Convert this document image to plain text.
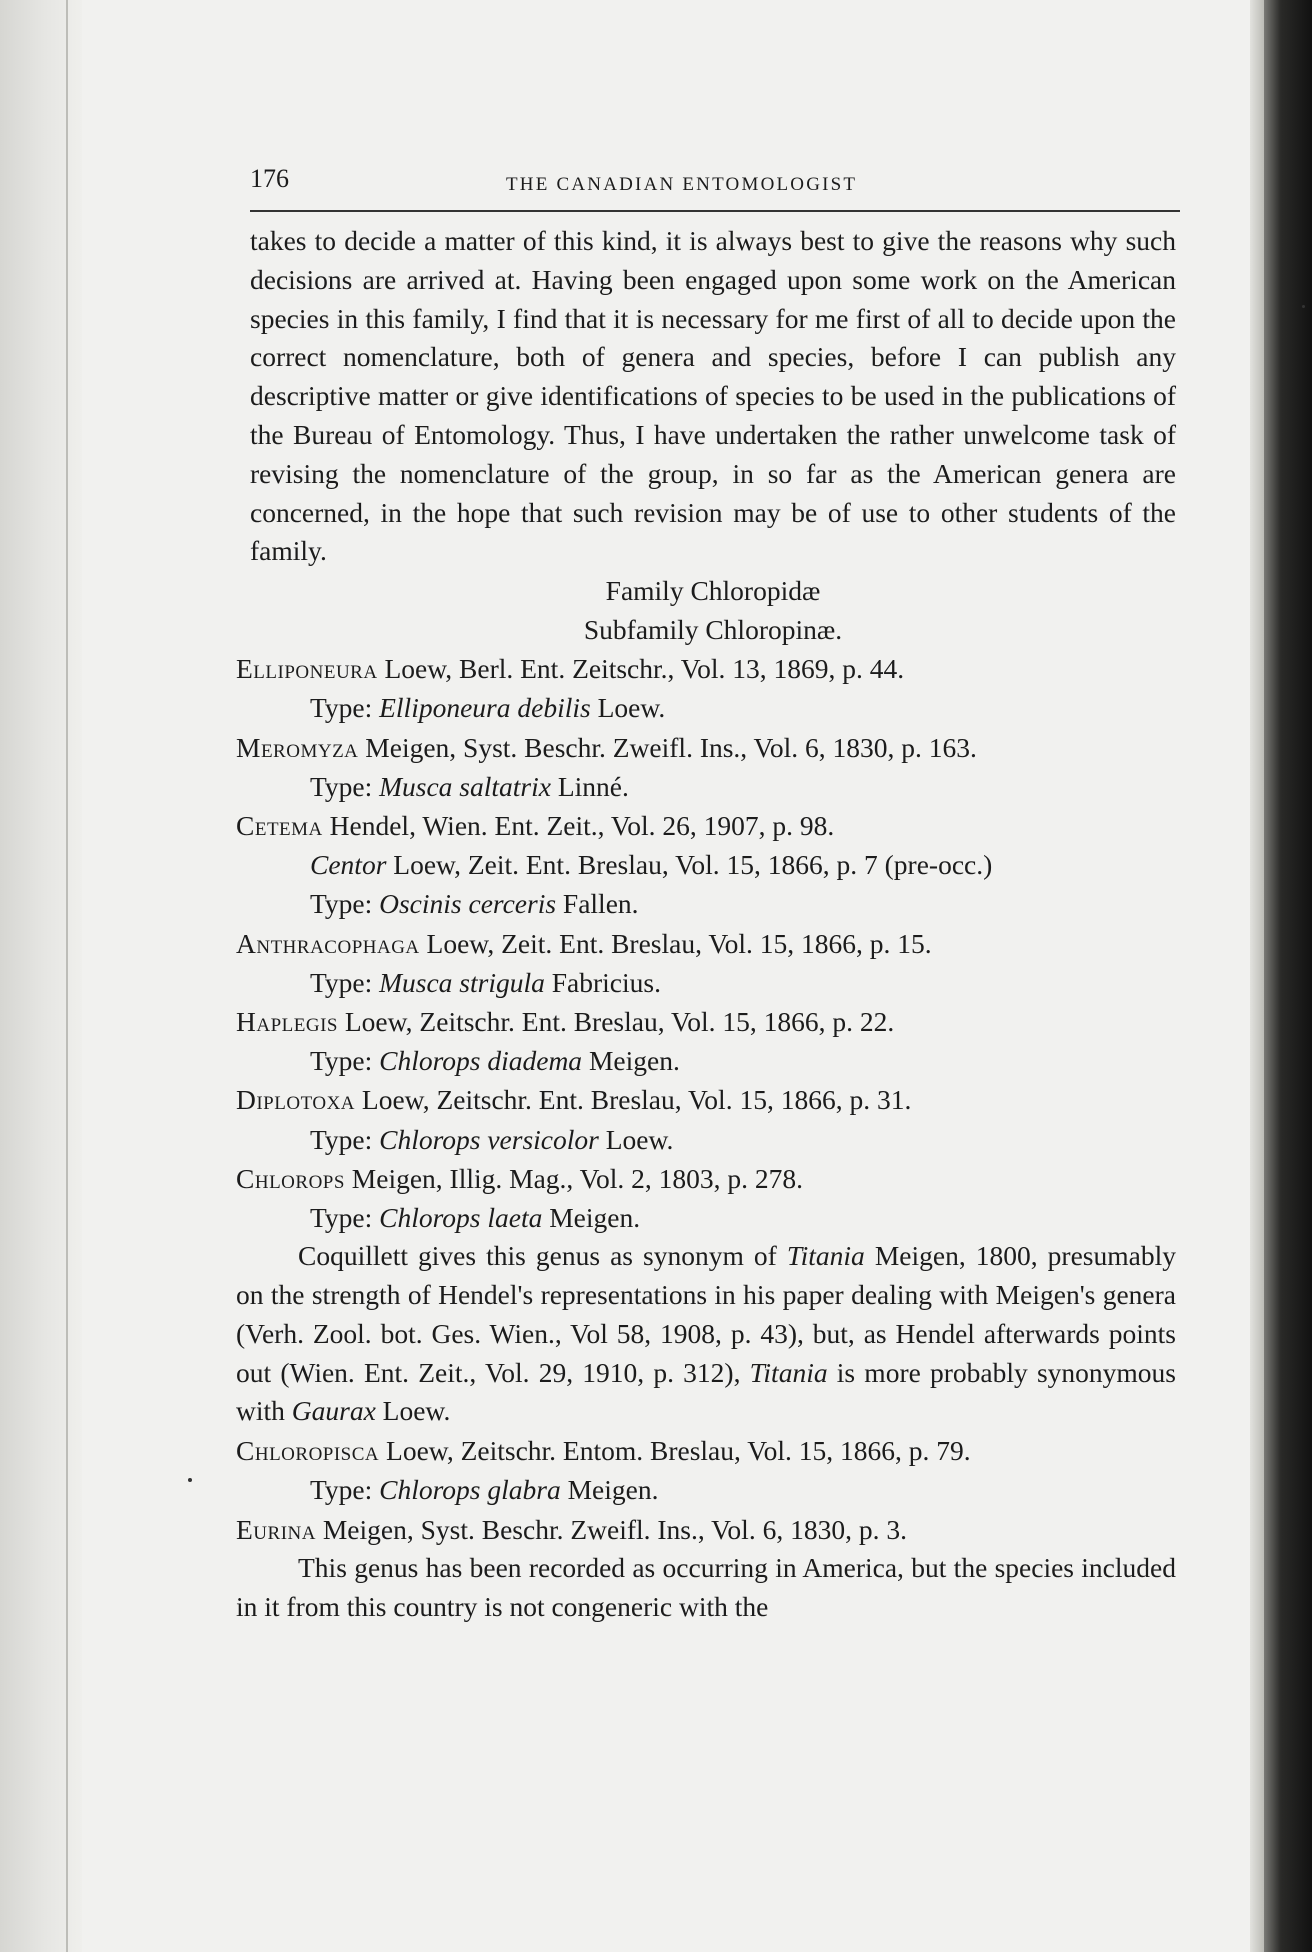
176	THE CANADIAN ENTOMOLOGIST

takes to decide a matter of this kind, it is always best to give the reasons why such decisions are arrived at. Having been engaged upon some work on the American species in this family, I find that it is necessary for me first of all to decide upon the correct nomenclature, both of genera and species, before I can publish any descriptive matter or give identifications of species to be used in the publications of the Bureau of Entomology. Thus, I have undertaken the rather unwelcome task of revising the nomenclature of the group, in so far as the American genera are concerned, in the hope that such revision may be of use to other students of the family.

Family Chloropidæ
Subfamily Chloropinæ.

Elliponeura Loew, Berl. Ent. Zeitschr., Vol. 13, 1869, p. 44.

Type: Elliponeura debilis Loew.

Meromyza Meigen, Syst. Beschr. Zweifl. Ins., Vol. 6, 1830, p. 163.

Type: Musca saltatrix Linné.

Cetema Hendel, Wien. Ent. Zeit., Vol. 26, 1907, p. 98.

Centor Loew, Zeit. Ent. Breslau, Vol. 15, 1866, p. 7 (pre-occ.)

Type: Oscinis cerceris Fallen.

Anthracophaga Loew, Zeit. Ent. Breslau, Vol. 15, 1866, p. 15.

Type: Musca strigula Fabricius.

Haplegis Loew, Zeitschr. Ent. Breslau, Vol. 15, 1866, p. 22.

Type: Chlorops diadema Meigen.

Diplotoxa Loew, Zeitschr. Ent. Breslau, Vol. 15, 1866, p. 31.

Type: Chlorops versicolor Loew.

Chlorops Meigen, Illig. Mag., Vol. 2, 1803, p. 278.

Type: Chlorops laeta Meigen.

Coquillett gives this genus as synonym of Titania Meigen, 1800, presumably on the strength of Hendel's representations in his paper dealing with Meigen's genera (Verh. Zool. bot. Ges. Wien., Vol 58, 1908, p. 43), but, as Hendel afterwards points out (Wien. Ent. Zeit., Vol. 29, 1910, p. 312), Titania is more probably synonymous with Gaurax Loew.

Chloropisca Loew, Zeitschr. Entom. Breslau, Vol. 15, 1866, p. 79.

Type: Chlorops glabra Meigen.

Eurina Meigen, Syst. Beschr. Zweifl. Ins., Vol. 6, 1830, p. 3.

This genus has been recorded as occurring in America, but the species included in it from this country is not congeneric with the
